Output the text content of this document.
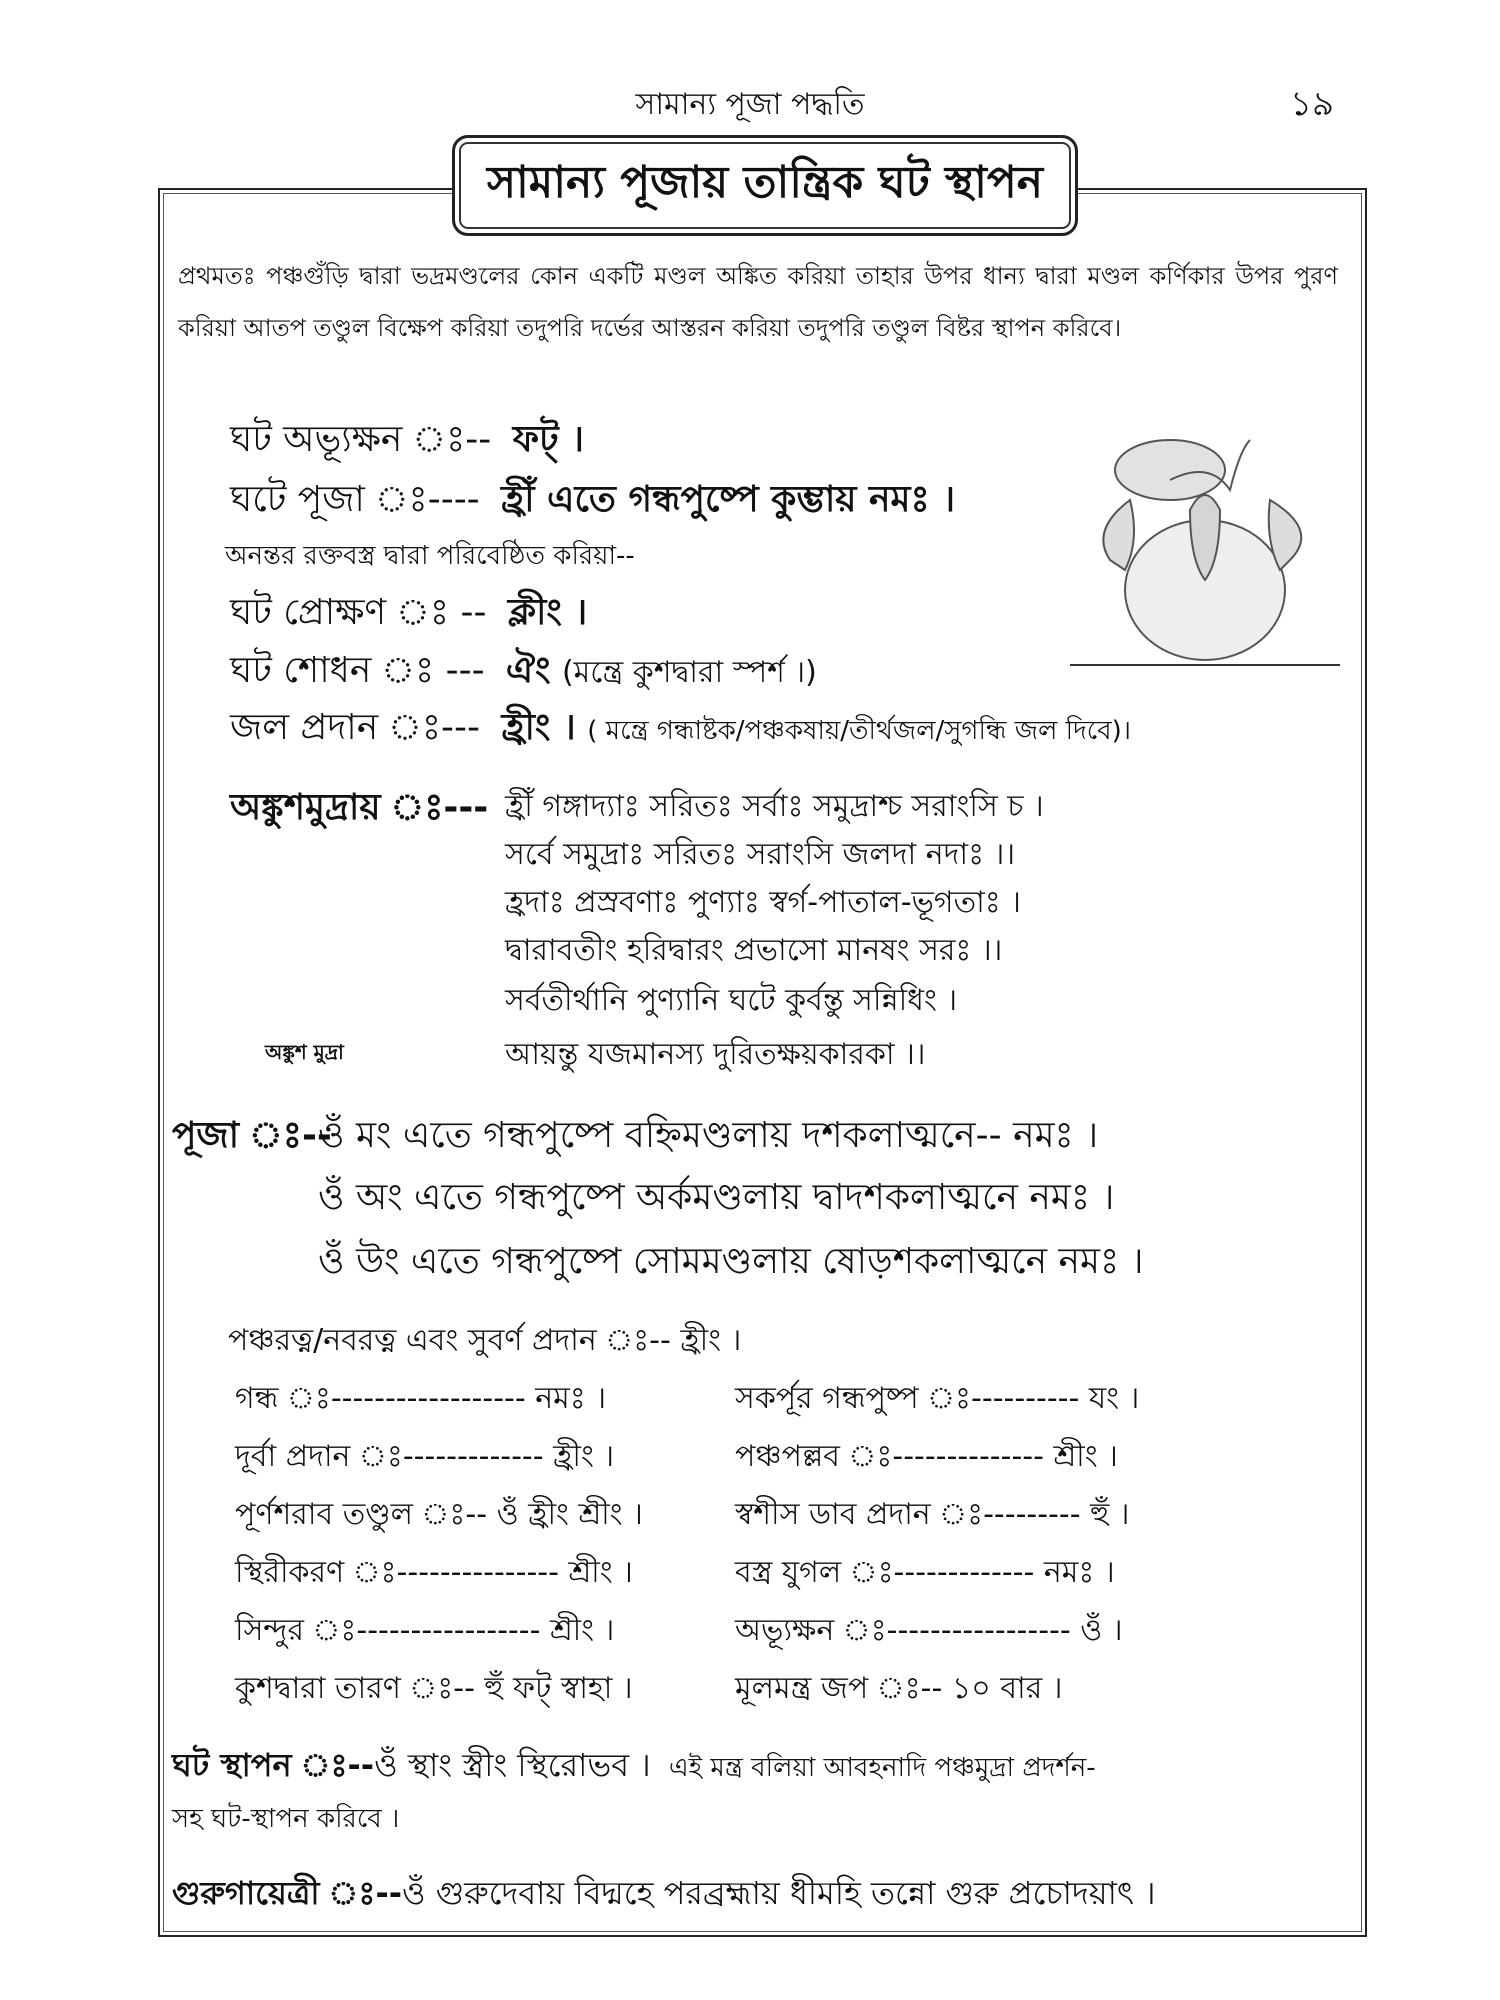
সামান্য পূজা পদ্ধতি	১৯
সামান্য পূজায় তান্ত্রিক ঘট স্থাপন
প্রথমতঃ পঞ্চগুঁড়ি দ্বারা ভদ্রমণ্ডলের কোন একটি মণ্ডল অঙ্কিত করিয়া তাহার উপর ধান্য দ্বারা মণ্ডল কর্ণিকার উপর পুরণ করিয়া আতপ তণ্ডুল বিক্ষেপ করিয়া তদুপরি দর্ভের আস্তরন করিয়া তদুপরি তণ্ডুল বিষ্টর স্থাপন করিবে।
ঘট অভ্যূক্ষন ঃ-- ফট্ ।
ঘটে পূজা ঃ---- হ্রীঁ এতে গন্ধপুষ্পে কুম্ভায় নমঃ ।
অনন্তর রক্তবস্ত্র দ্বারা পরিবেষ্ঠিত করিয়া--
ঘট প্রোক্ষণ ঃ -- ক্লীং ।
ঘট শোধন ঃ --- ঐং (মন্ত্রে কুশদ্বারা স্পর্শ ।)
জল প্রদান ঃ--- হ্রীং । ( মন্ত্রে গন্ধাষ্টক/পঞ্চকষায়/তীর্থজল/সুগন্ধি জল দিবে)।
অঙ্কুশমুদ্রায় ঃ---
অঙ্কুশ মুদ্রা
হ্রীঁ গঙ্গাদ্যাঃ সরিতঃ সর্বাঃ সমুদ্রাশ্চ সরাংসি চ ।
সর্বে সমুদ্রাঃ সরিতঃ সরাংসি জলদা নদাঃ ।।
হ্রদাঃ প্রস্রবণাঃ পুণ্যাঃ স্বর্গ-পাতাল-ভূগতাঃ ।
দ্বারাবতীং হরিদ্বারং প্রভাসো মানষং সরঃ ।।
সর্বতীর্থানি পুণ্যানি ঘটে কুর্বন্তু সন্নিধিং ।
আয়ন্তু যজমানস্য দুরিতক্ষয়কারকা ।।
পূজা ঃ--
ওঁ মং এতে গন্ধপুষ্পে বহ্নিমণ্ডলায় দশকলাত্মনে-- নমঃ ।
ওঁ অং এতে গন্ধপুষ্পে অর্কমণ্ডলায় দ্বাদশকলাত্মনে নমঃ ।
ওঁ উং এতে গন্ধপুষ্পে সোমমণ্ডলায় ষোড়শকলাত্মনে নমঃ ।
পঞ্চরত্ন/নবরত্ন এবং সুবর্ণ প্রদান ঃ-- হ্রীং ।
গন্ধ ঃ------------------ নমঃ ।	সকর্পূর গন্ধপুষ্প ঃ---------- যং ।
দূর্বা প্রদান ঃ------------- হ্রীং ।	পঞ্চপল্লব ঃ-------------- শ্রীং ।
পূর্ণশরাব তণ্ডুল ঃ-- ওঁ হ্রীং শ্রীং ।	স্বশীস ডাব প্রদান ঃ--------- হুঁ ।
স্থিরীকরণ ঃ--------------- শ্রীং ।	বস্ত্র যুগল ঃ------------- নমঃ ।
সিন্দুর ঃ----------------- শ্রীং ।	অভ্যূক্ষন ঃ----------------- ওঁ ।
কুশদ্বারা তারণ ঃ-- হুঁ ফট্ স্বাহা ।	মূলমন্ত্র জপ ঃ-- ১০ বার ।
ঘট স্থাপন ঃ--ওঁ স্থাং স্ত্রীং স্থিরোভব । এই মন্ত্র বলিয়া আবহনাদি পঞ্চমুদ্রা প্রদর্শন-
সহ ঘট-স্থাপন করিবে ।
গুরুগায়েত্রী ঃ--ওঁ গুরুদেবায় বিদ্মহে পরব্রহ্মায় ধীমহি তন্নো গুরু প্রচোদয়াৎ ।
